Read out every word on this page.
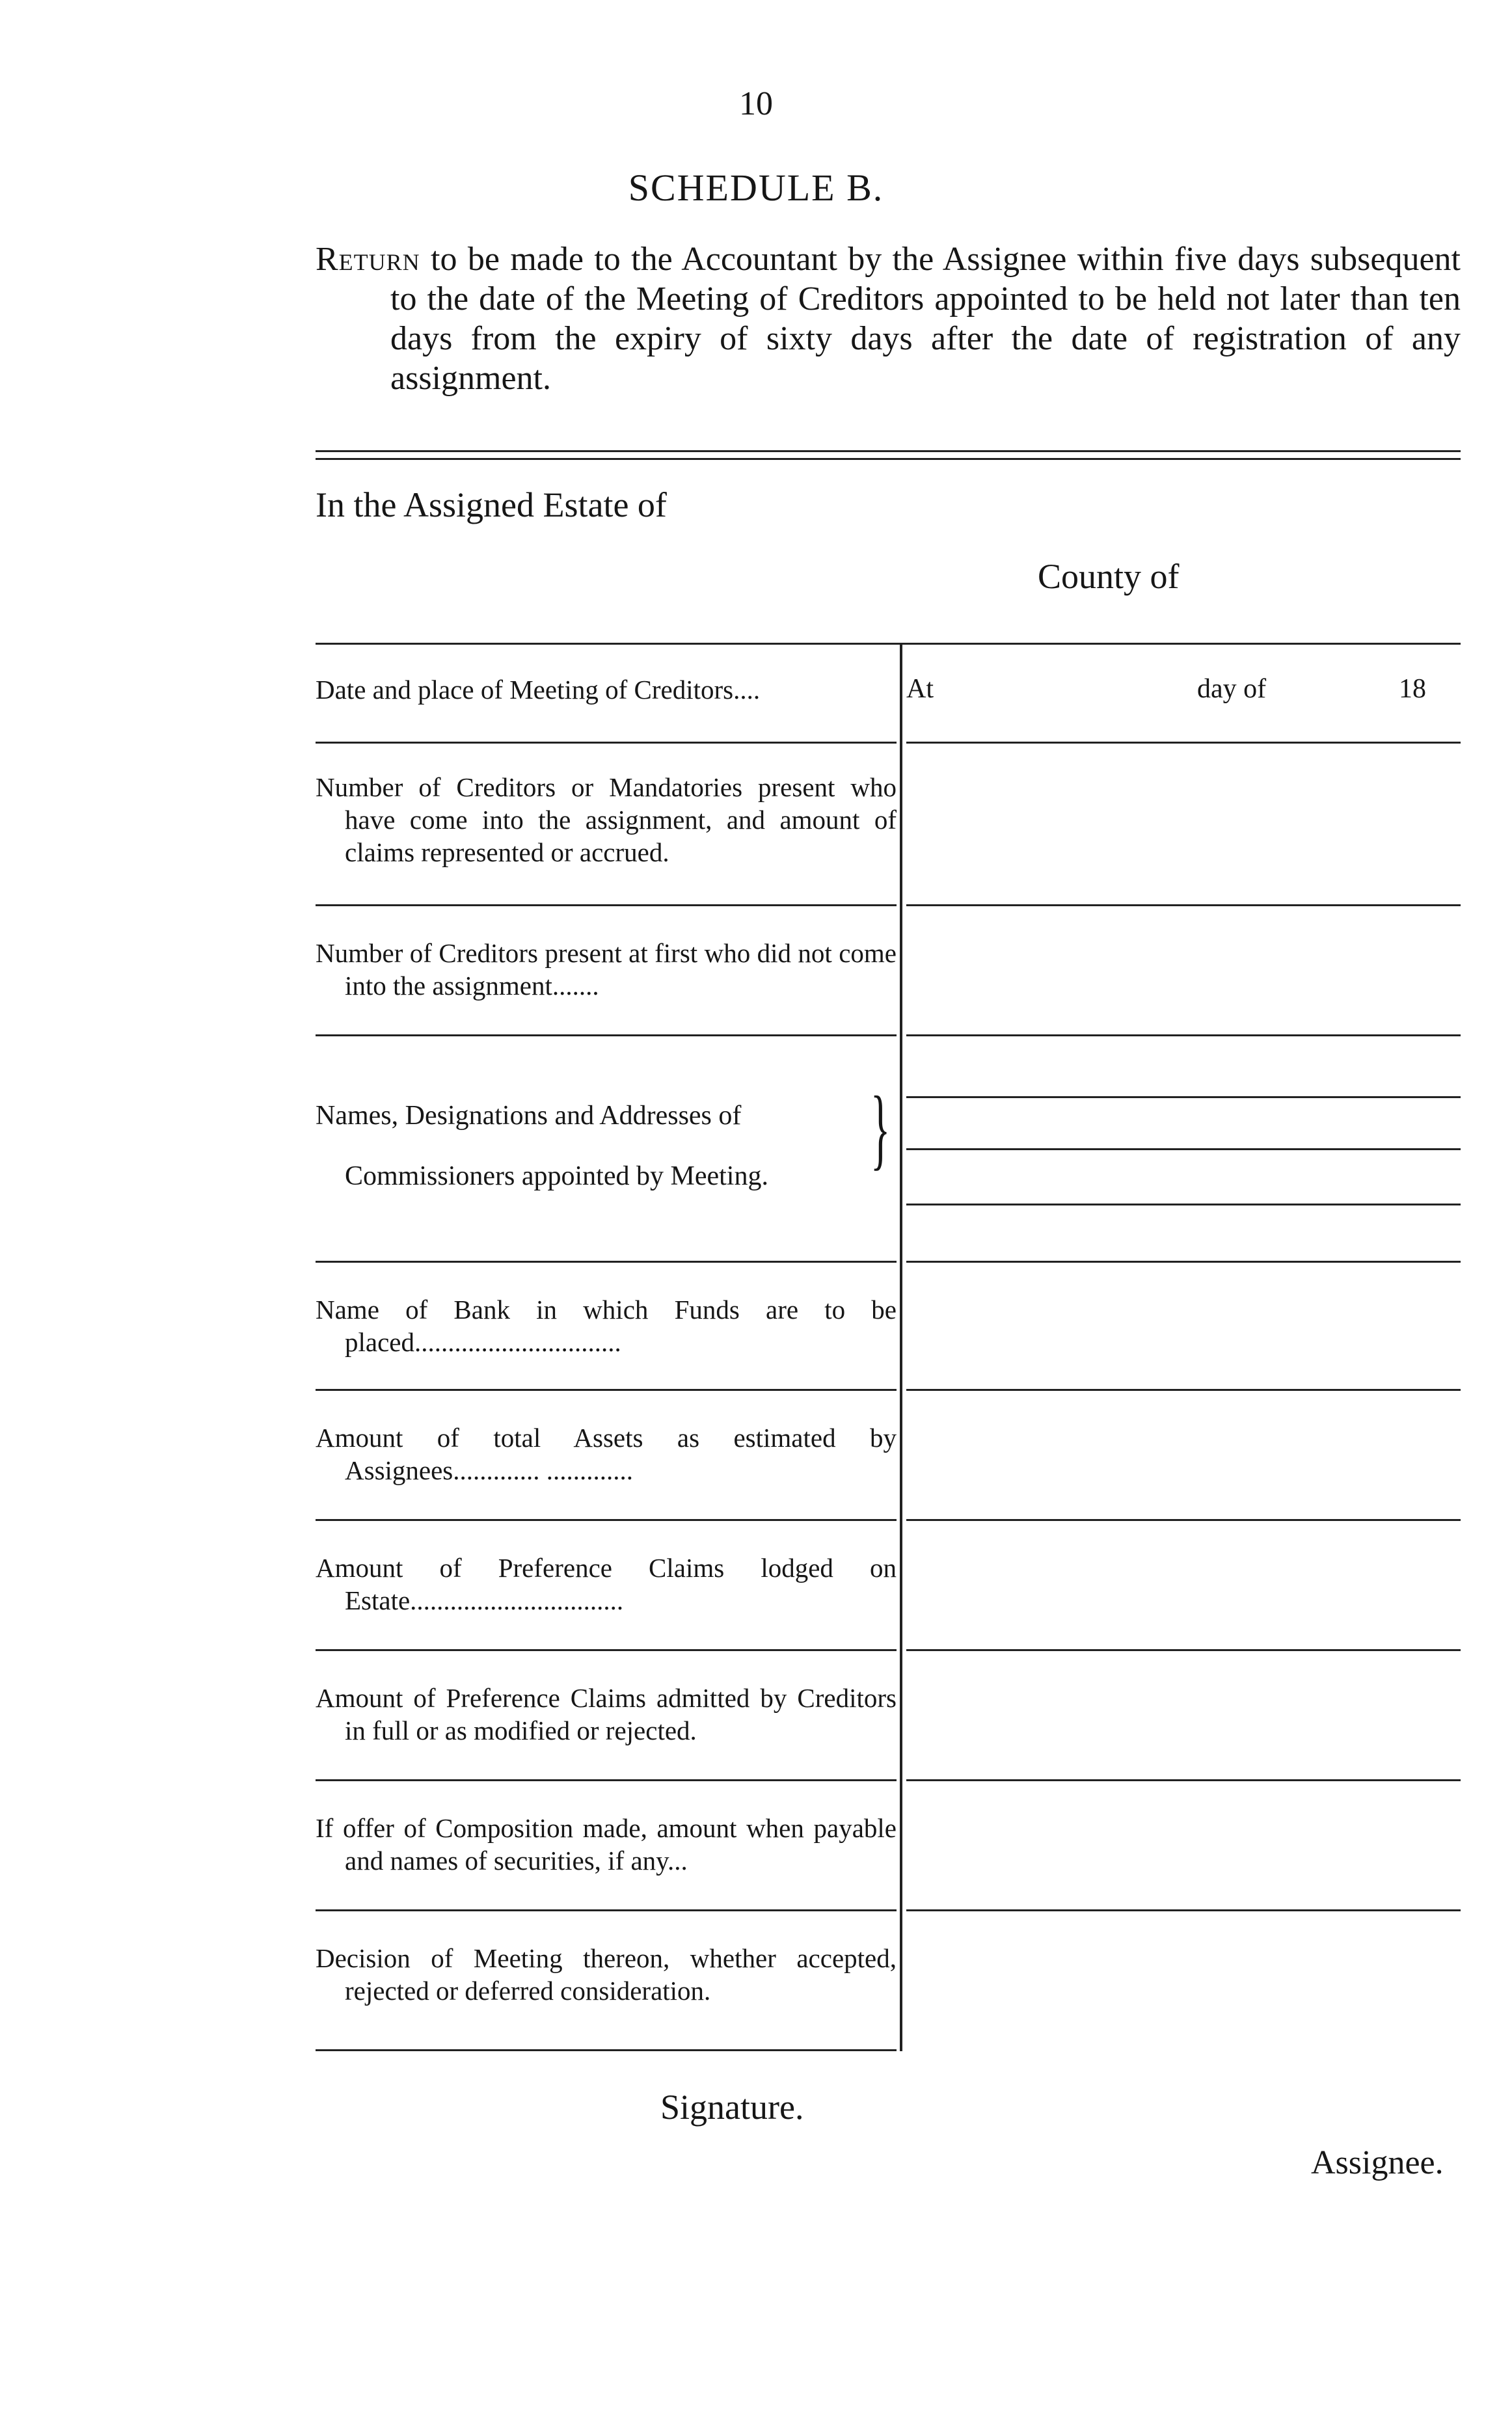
10
SCHEDULE B.

Return to be made to the Accountant by the Assignee within five days subsequent to the date of the Meeting of Creditors appointed to be held not later than ten days from the expiry of sixty days after the date of registration of any assignment.

In the Assigned Estate of
County of

Date and place of Meeting of Creditors....	At	day of	18

Number of Creditors or Mandatories present who have come into the assignment, and amount of claims represented or accrued.

Number of Creditors present at first who did not come into the assignment.......

Names, Designations and Addresses of
Commissioners appointed by Meeting.	}

Name of Bank in which Funds are to be placed...............................

Amount of total Assets as estimated by Assignees............. .............

Amount of Preference Claims lodged on Estate................................

Amount of Preference Claims admitted by Creditors in full or as modified or rejected.

If offer of Composition made, amount when payable and names of securities, if any...

Decision of Meeting thereon, whether accepted, rejected or deferred consideration.

Signature.
Assignee.
